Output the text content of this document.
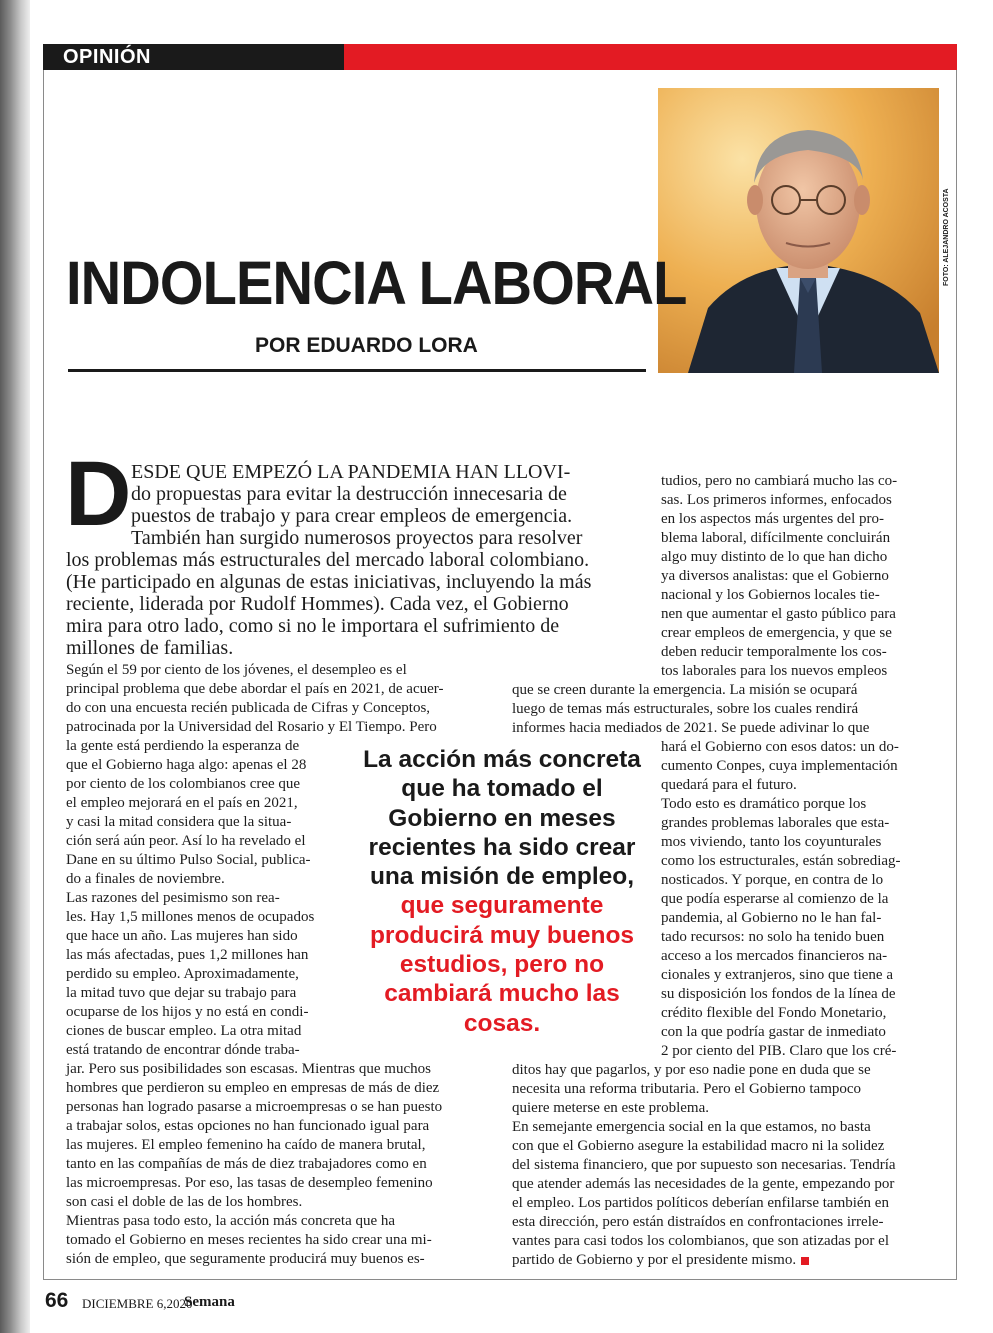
OPINIÓN
FOTO: ALEJANDRO ACOSTA
INDOLENCIA LABORAL
POR EDUARDO LORA
D ESDE QUE EMPEZÓ LA PANDEMIA HAN LLOVI-
do propuestas para evitar la destrucción innecesaria de
puestos de trabajo y para crear empleos de emergencia.
También han surgido numerosos proyectos para resolver
los problemas más estructurales del mercado laboral colombiano.
(He participado en algunas de estas iniciativas, incluyendo la más
reciente, liderada por Rudolf Hommes). Cada vez, el Gobierno
mira para otro lado, como si no le importara el sufrimiento de
millones de familias.
Según el 59 por ciento de los jóvenes, el desempleo es el
principal problema que debe abordar el país en 2021, de acuer-
do con una encuesta recién publicada de Cifras y Conceptos,
patrocinada por la Universidad del Rosario y El Tiempo. Pero
la gente está perdiendo la esperanza de
que el Gobierno haga algo: apenas el 28
por ciento de los colombianos cree que
el empleo mejorará en el país en 2021,
y casi la mitad considera que la situa-
ción será aún peor. Así lo ha revelado el
Dane en su último Pulso Social, publica-
do a finales de noviembre.
Las razones del pesimismo son rea-
les. Hay 1,5 millones menos de ocupados
que hace un año. Las mujeres han sido
las más afectadas, pues 1,2 millones han
perdido su empleo. Aproximadamente,
la mitad tuvo que dejar su trabajo para
ocuparse de los hijos y no está en condi-
ciones de buscar empleo. La otra mitad
está tratando de encontrar dónde traba-
jar. Pero sus posibilidades son escasas. Mientras que muchos
hombres que perdieron su empleo en empresas de más de diez
personas han logrado pasarse a microempresas o se han puesto
a trabajar solos, estas opciones no han funcionado igual para
las mujeres. El empleo femenino ha caído de manera brutal,
tanto en las compañías de más de diez trabajadores como en
las microempresas. Por eso, las tasas de desempleo femenino
son casi el doble de las de los hombres.
Mientras pasa todo esto, la acción más concreta que ha
tomado el Gobierno en meses recientes ha sido crear una mi-
sión de empleo, que seguramente producirá muy buenos es-
tudios, pero no cambiará mucho las co-
sas. Los primeros informes, enfocados
en los aspectos más urgentes del pro-
blema laboral, difícilmente concluirán
algo muy distinto de lo que han dicho
ya diversos analistas: que el Gobierno
nacional y los Gobiernos locales tie-
nen que aumentar el gasto público para
crear empleos de emergencia, y que se
deben reducir temporalmente los cos-
tos laborales para los nuevos empleos
que se creen durante la emergencia. La misión se ocupará
luego de temas más estructurales, sobre los cuales rendirá
informes hacia mediados de 2021. Se puede adivinar lo que
hará el Gobierno con esos datos: un do-
cumento Conpes, cuya implementación
quedará para el futuro.
Todo esto es dramático porque los
grandes problemas laborales que esta-
mos viviendo, tanto los coyunturales
como los estructurales, están sobrediag-
nosticados. Y porque, en contra de lo
que podía esperarse al comienzo de la
pandemia, al Gobierno no le han fal-
tado recursos: no solo ha tenido buen
acceso a los mercados financieros na-
cionales y extranjeros, sino que tiene a
su disposición los fondos de la línea de
crédito flexible del Fondo Monetario,
con la que podría gastar de inmediato
2 por ciento del PIB. Claro que los cré-
ditos hay que pagarlos, y por eso nadie pone en duda que se
necesita una reforma tributaria. Pero el Gobierno tampoco
quiere meterse en este problema.
En semejante emergencia social en la que estamos, no basta
con que el Gobierno asegure la estabilidad macro ni la solidez
del sistema financiero, que por supuesto son necesarias. Tendría
que atender además las necesidades de la gente, empezando por
el empleo. Los partidos políticos deberían enfilarse también en
esta dirección, pero están distraídos en confrontaciones irrele-
vantes para casi todos los colombianos, que son atizadas por el
partido de Gobierno y por el presidente mismo.
La acción más concreta
que ha tomado el
Gobierno en meses
recientes ha sido crear
una misión de empleo,
que seguramente
producirá muy buenos
estudios, pero no
cambiará mucho las
cosas.
66 DICIEMBRE 6,2020
Semana
